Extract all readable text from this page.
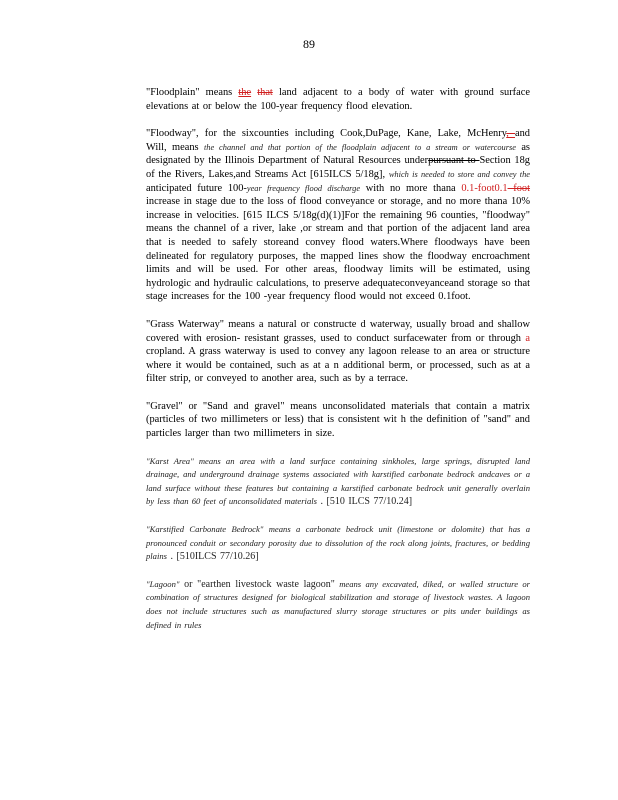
89

"Floodplain" means the that land adjacent to a body of water with ground surface elevations at or below the 100-year frequency flood elevation.

"Floodway", for the sixcounties including Cook,DuPage, Kane, Lake, McHenry, and Will, means the channel and that portion of the floodplain adjacent to a stream or watercourse as designated by the Illinois Department of Natural Resources underpursuant to Section 18g of the Rivers, Lakes,and Streams Act [615ILCS 5/18g], which is needed to store and convey the anticipated future 100-year frequency flood discharge with no more thana 0.1-foot0.1 foot increase in stage due to the loss of flood conveyance or storage, and no more thana 10% increase in velocities. [615 ILCS 5/18g(d)(1)]For the remaining 96 counties, "floodway" means the channel of a river, lake ,or stream and that portion of the adjacent land area that is needed to safely storeand convey flood waters.Where floodways have been delineated for regulatory purposes, the mapped lines show the floodway encroachment limits and will be used. For other areas, floodway limits will be estimated, using hydrologic and hydraulic calculations, to preserve adequateconveyanceand storage so that stage increases for the 100 -year frequency flood would not exceed 0.1foot.

"Grass Waterway" means a natural or constructe d waterway, usually broad and shallow covered with erosion- resistant grasses, used to conduct surfacewater from or through a cropland. A grass waterway is used to convey any lagoon release to an area or structure where it would be contained, such as at a n additional berm, or processed, such as at a filter strip, or conveyed to another area, such as by a terrace.

"Gravel" or "Sand and gravel" means unconsolidated materials that contain a matrix (particles of two millimeters or less) that is consistent wit h the definition of "sand" and particles larger than two millimeters in size.

"Karst Area" means an area with a land surface containing sinkholes, large springs, disrupted land drainage, and underground drainage systems associated with karstified carbonate bedrock andcaves or a land surface without these features but containing a karstified carbonate bedrock unit generally overlain by less than 60 feet of unconsolidated materials . [510 ILCS 77/10.24]

"Karstified Carbonate Bedrock" means a carbonate bedrock unit (limestone or dolomite) that has a pronounced conduit or secondary porosity due to dissolution of the rock along joints, fractures, or bedding plains . [510ILCS 77/10.26]

"Lagoon" or "earthen livestock waste lagoon" means any excavated, diked, or walled structure or combination of structures designed for biological stabilization and storage of livestock wastes. A lagoon does not include structures such as manufactured slurry storage structures or pits under buildings as defined in rules
